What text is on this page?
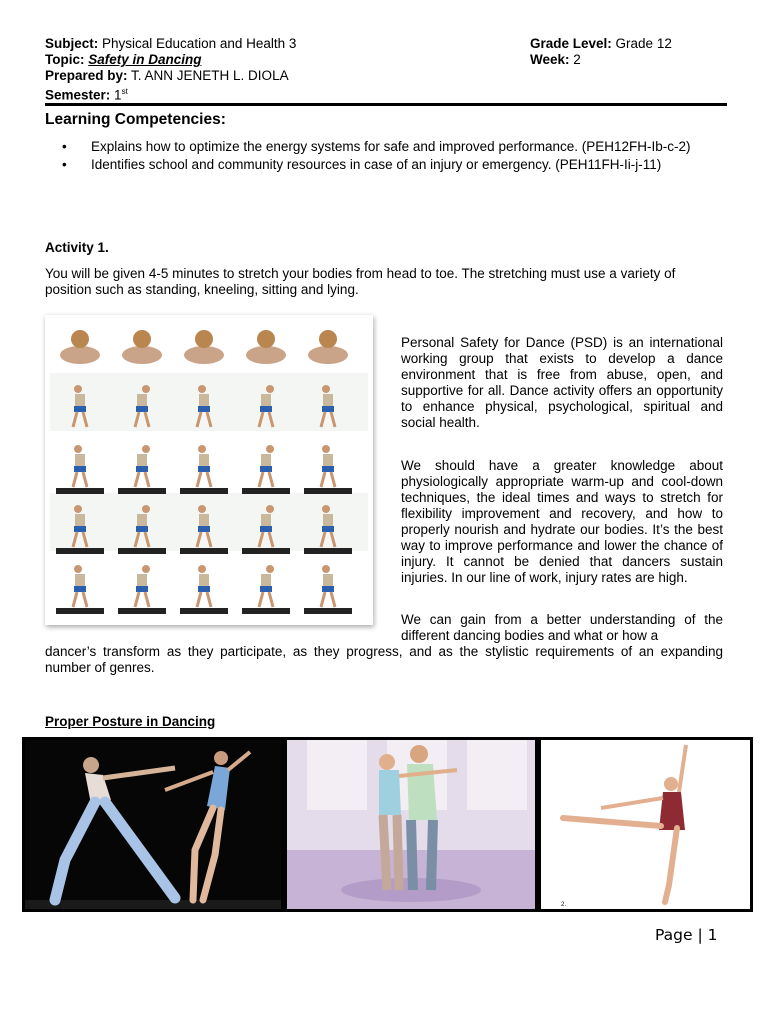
Subject: Physical Education and Health 3
Topic: Safety in Dancing
Prepared by: T. ANN JENETH L. DIOLA
Semester: 1st
Grade Level: Grade 12
Week: 2
Learning Competencies:
• Explains how to optimize the energy systems for safe and improved performance. (PEH12FH-Ib-c-2)
• Identifies school and community resources in case of an injury or emergency. (PEH11FH-Ii-j-11)
Activity 1.
You will be given 4-5 minutes to stretch your bodies from head to toe. The stretching must use a variety of position such as standing, kneeling, sitting and lying.
Personal Safety for Dance (PSD) is an international working group that exists to develop a dance environment that is free from abuse, open, and supportive for all. Dance activity offers an opportunity to enhance physical, psychological, spiritual and social health.
We should have a greater knowledge about physiologically appropriate warm-up and cool-down techniques, the ideal times and ways to stretch for flexibility improvement and recovery, and how to properly nourish and hydrate our bodies. It’s the best way to improve performance and lower the chance of injury. It cannot be denied that dancers sustain injuries. In our line of work, injury rates are high.
We can gain from a better understanding of the different dancing bodies and what or how a
dancer’s transform as they participate, as they progress, and as the stylistic requirements of an expanding number of genres.
Proper Posture in Dancing
2.
Page | 1
